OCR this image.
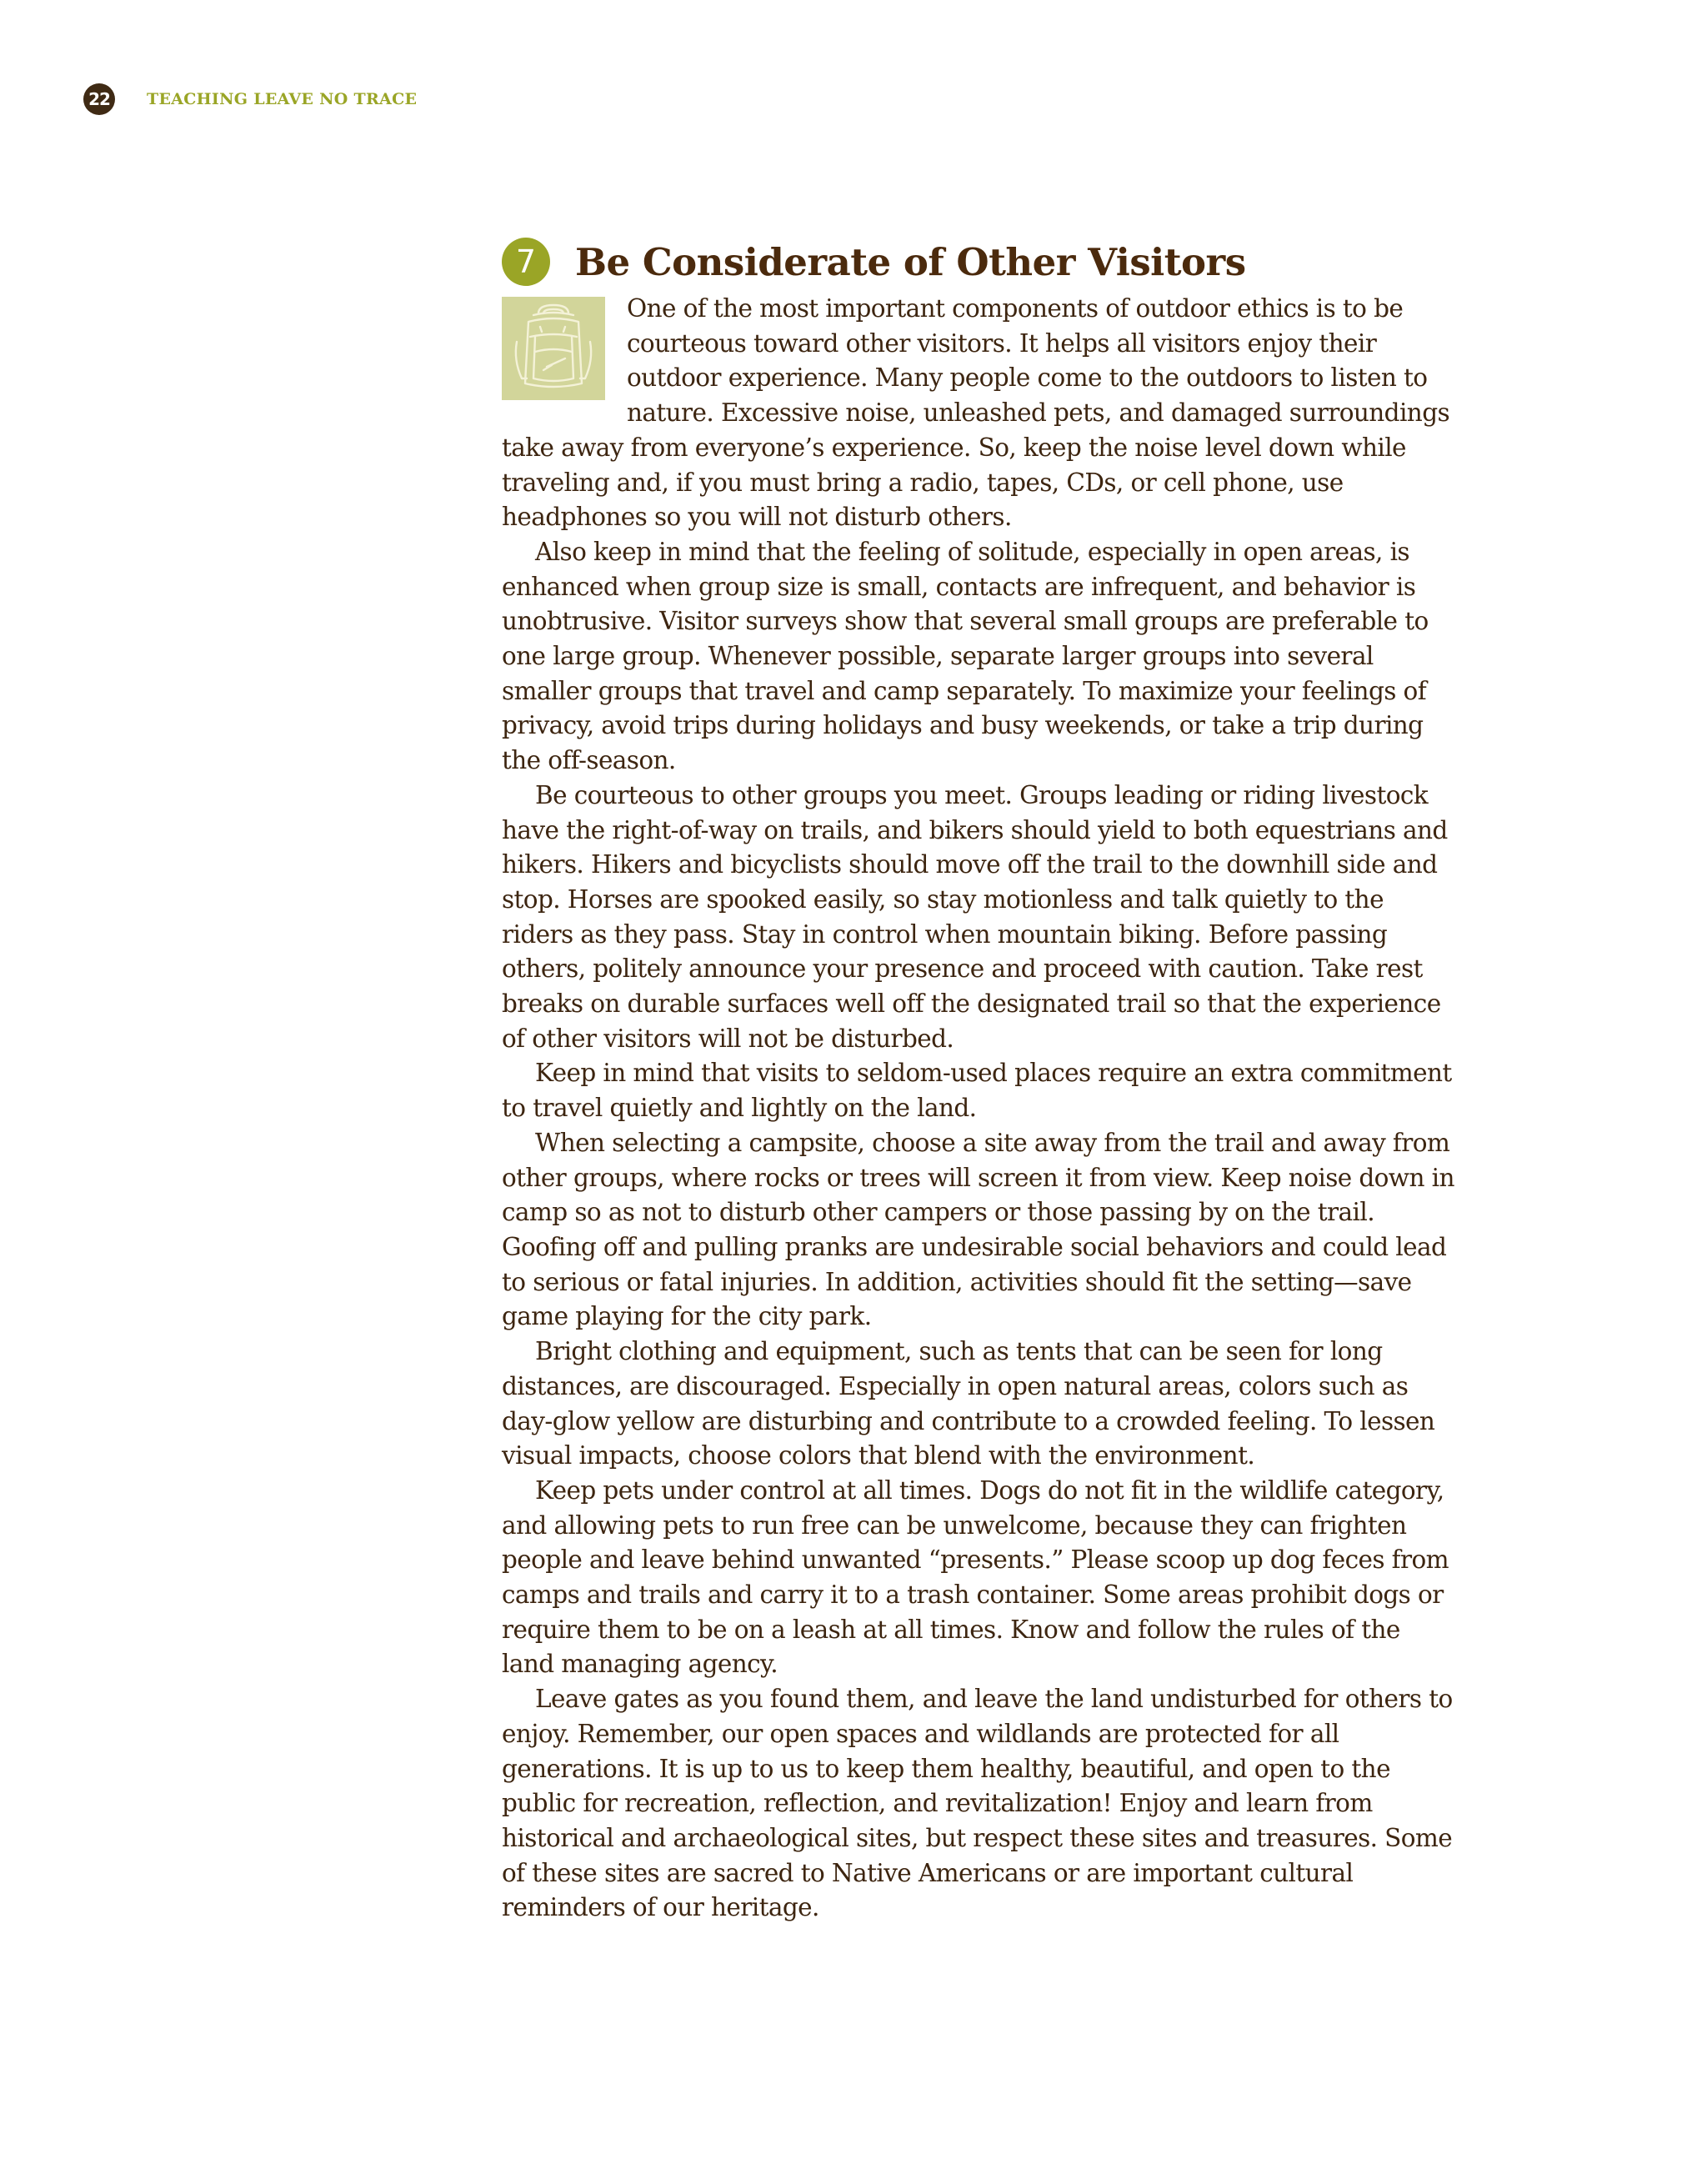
22	TEACHING LEAVE NO TRACE
7	Be Considerate of Other Visitors

One of the most important components of outdoor ethics is to be courteous toward other visitors. It helps all visitors enjoy their outdoor experience. Many people come to the outdoors to listen to nature. Excessive noise, unleashed pets, and damaged surroundings take away from everyone’s experience. So, keep the noise level down while traveling and, if you must bring a radio, tapes, CDs, or cell phone, use headphones so you will not disturb others.

Also keep in mind that the feeling of solitude, especially in open areas, is enhanced when group size is small, contacts are infrequent, and behavior is unobtrusive. Visitor surveys show that several small groups are preferable to one large group. Whenever possible, separate larger groups into several smaller groups that travel and camp separately. To maximize your feelings of privacy, avoid trips during holidays and busy weekends, or take a trip during the off-season.

Be courteous to other groups you meet. Groups leading or riding livestock have the right-of-way on trails, and bikers should yield to both equestrians and hikers. Hikers and bicyclists should move off the trail to the downhill side and stop. Horses are spooked easily, so stay motionless and talk quietly to the riders as they pass. Stay in control when mountain biking. Before passing others, politely announce your presence and proceed with caution. Take rest breaks on durable surfaces well off the designated trail so that the experience of other visitors will not be disturbed.

Keep in mind that visits to seldom-used places require an extra commitment to travel quietly and lightly on the land.

When selecting a campsite, choose a site away from the trail and away from other groups, where rocks or trees will screen it from view. Keep noise down in camp so as not to disturb other campers or those passing by on the trail. Goofing off and pulling pranks are undesirable social behaviors and could lead to serious or fatal injuries. In addition, activities should fit the setting—save game playing for the city park.

Bright clothing and equipment, such as tents that can be seen for long distances, are discouraged. Especially in open natural areas, colors such as day-glow yellow are disturbing and contribute to a crowded feeling. To lessen visual impacts, choose colors that blend with the environment.

Keep pets under control at all times. Dogs do not fit in the wildlife category, and allowing pets to run free can be unwelcome, because they can frighten people and leave behind unwanted “presents.” Please scoop up dog feces from camps and trails and carry it to a trash container. Some areas prohibit dogs or require them to be on a leash at all times. Know and follow the rules of the land managing agency.

Leave gates as you found them, and leave the land undisturbed for others to enjoy. Remember, our open spaces and wildlands are protected for all generations. It is up to us to keep them healthy, beautiful, and open to the public for recreation, reflection, and revitalization! Enjoy and learn from historical and archaeological sites, but respect these sites and treasures. Some of these sites are sacred to Native Americans or are important cultural reminders of our heritage.
